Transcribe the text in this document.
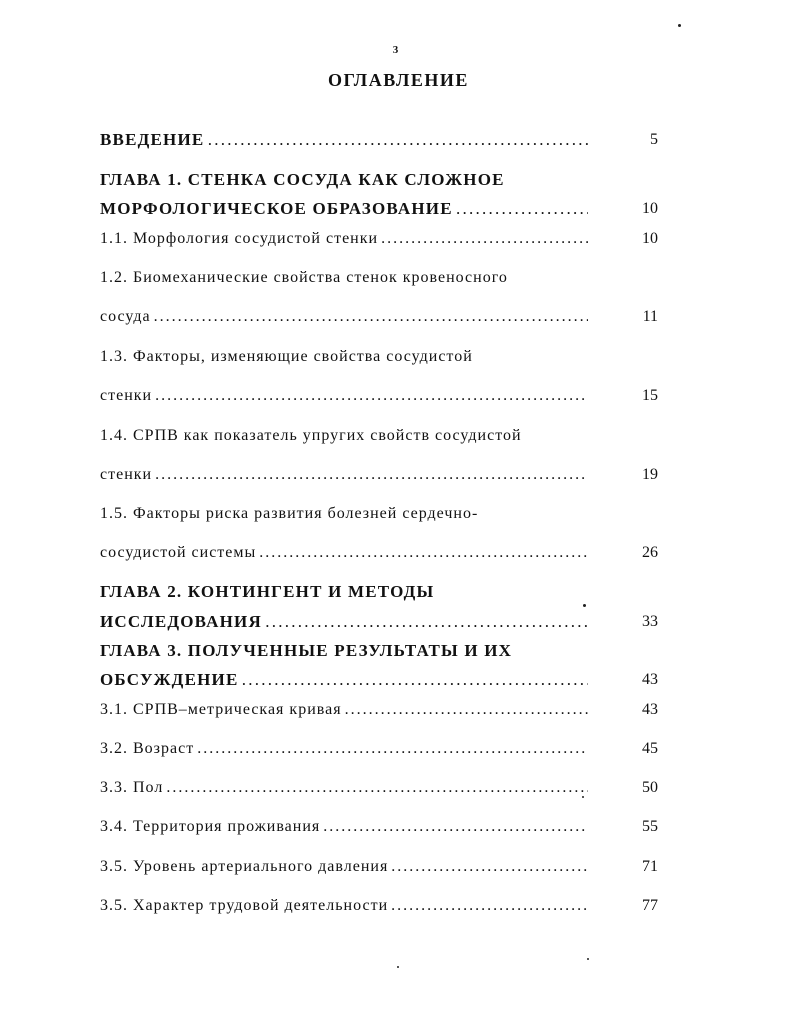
3
ОГЛАВЛЕНИЕ
ВВЕДЕНИЕ . . .	5
ГЛАВА 1. СТЕНКА СОСУДА КАК СЛОЖНОЕ
МОРФОЛОГИЧЕСКОЕ ОБРАЗОВАНИЕ . . .	10
1.1. Морфология сосудистой стенки . . .	10
1.2. Биомеханические свойства стенок кровеносного
сосуда . . .	11
1.3. Факторы, изменяющие свойства сосудистой
стенки . . .	15
1.4. СРПВ как показатель упругих свойств сосудистой
стенки . . .	19
1.5. Факторы риска развития болезней сердечно-
сосудистой системы . . .	26
ГЛАВА 2. КОНТИНГЕНТ И МЕТОДЫ
ИССЛЕДОВАНИЯ . . .	33
ГЛАВА 3. ПОЛУЧЕННЫЕ РЕЗУЛЬТАТЫ И ИХ
ОБСУЖДЕНИЕ . . .	43
3.1. СРПВ–метрическая кривая . . .	43
3.2. Возраст . . .	45
3.3. Пол . . .	50
3.4. Территория проживания . . .	55
3.5. Уровень артериального давления . . .	71
3.5. Характер трудовой деятельности . . .	77
